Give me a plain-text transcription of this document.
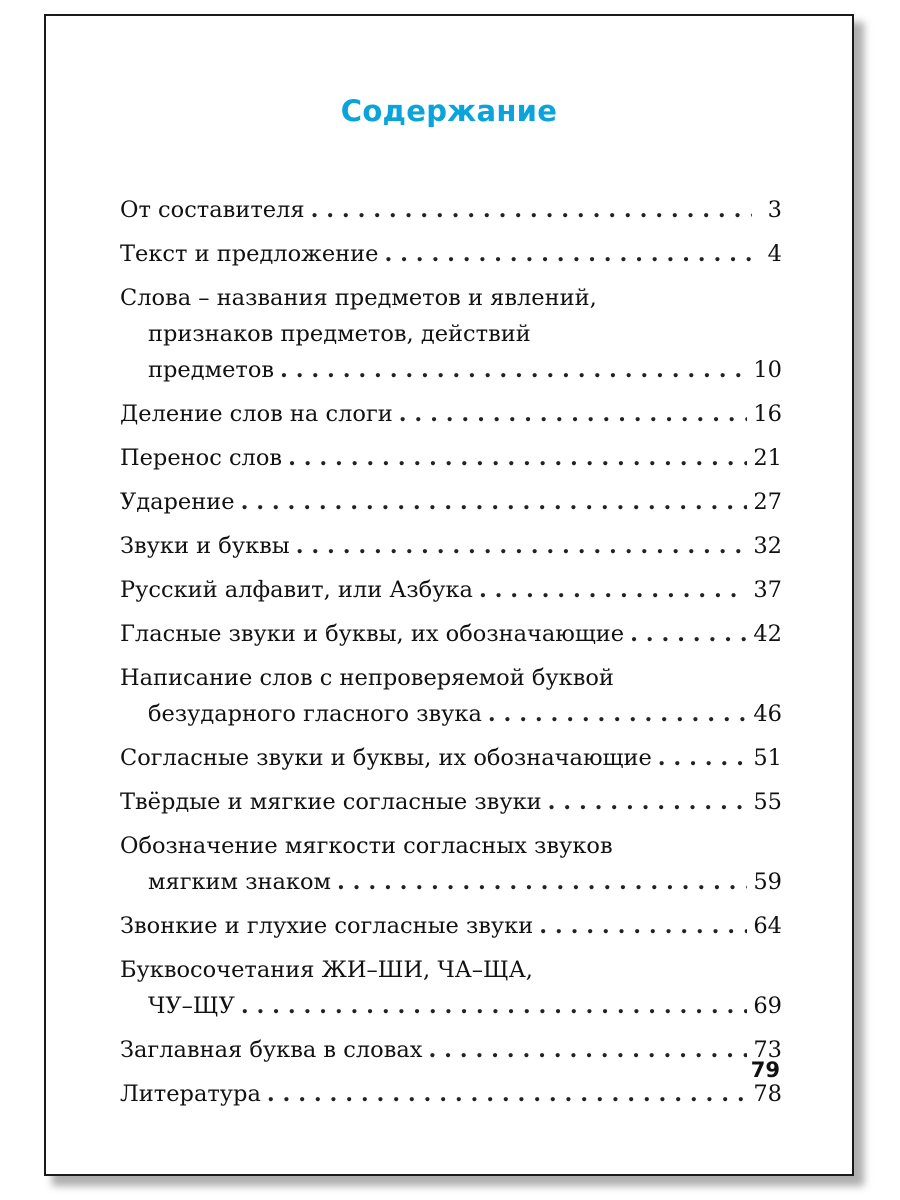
Содержание
От составителя . . .	3
Текст и предложение . . .	4
Слова – названия предметов и явлений,
признаков предметов, действий
предметов . . .	10
Деление слов на слоги . . .	16
Перенос слов . . .	21
Ударение . . .	27
Звуки и буквы . . .	32
Русский алфавит, или Азбука . . .	37
Гласные звуки и буквы, их обозначающие . . .	42
Написание слов с непроверяемой буквой
безударного гласного звука . . .	46
Согласные звуки и буквы, их обозначающие . . .	51
Твёрдые и мягкие согласные звуки . . .	55
Обозначение мягкости согласных звуков
мягким знаком . . .	59
Звонкие и глухие согласные звуки . . .	64
Буквосочетания ЖИ–ШИ, ЧА–ЩА,
ЧУ–ЩУ . . .	69
Заглавная буква в словах . . .	73
Литература . . .	78
79
